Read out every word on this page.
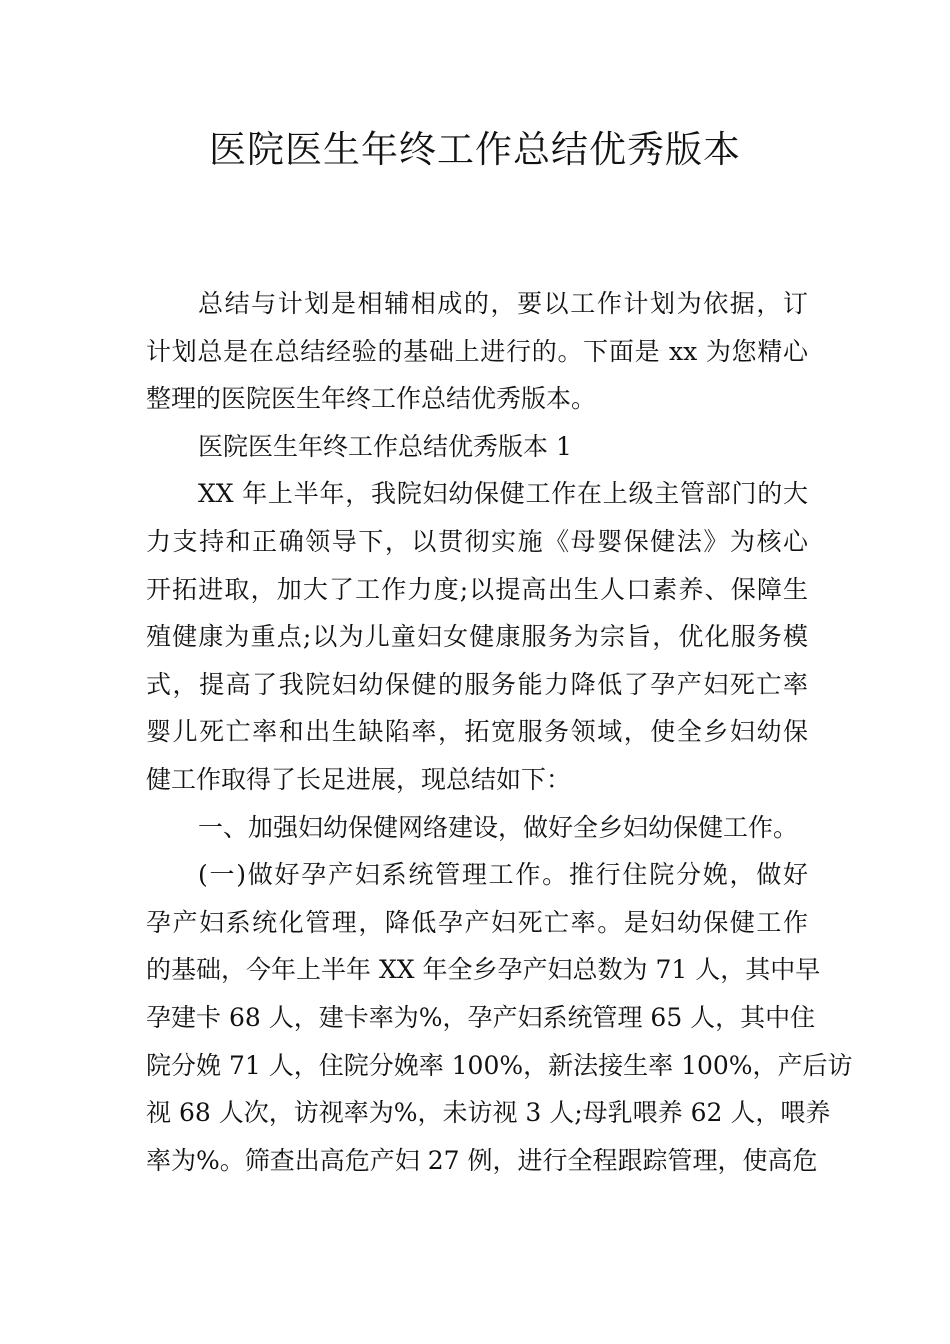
医院医生年终工作总结优秀版本
总结与计划是相辅相成的，要以工作计划为依据，订
计划总是在总结经验的基础上进行的。下面是 xx 为您精心
整理的医院医生年终工作总结优秀版本。
医院医生年终工作总结优秀版本 1
XX 年上半年，我院妇幼保健工作在上级主管部门的大
力支持和正确领导下，以贯彻实施《母婴保健法》为核心
开拓进取，加大了工作力度;以提高出生人口素养、保障生
殖健康为重点;以为儿童妇女健康服务为宗旨，优化服务模
式，提高了我院妇幼保健的服务能力降低了孕产妇死亡率
婴儿死亡率和出生缺陷率，拓宽服务领域，使全乡妇幼保
健工作取得了长足进展，现总结如下：
一、加强妇幼保健网络建设，做好全乡妇幼保健工作。
(一)做好孕产妇系统管理工作。推行住院分娩，做好
孕产妇系统化管理，降低孕产妇死亡率。是妇幼保健工作
的基础，今年上半年 XX 年全乡孕产妇总数为 71 人，其中早
孕建卡 68 人，建卡率为%，孕产妇系统管理 65 人，其中住
院分娩 71 人，住院分娩率 100%，新法接生率 100%，产后访
视 68 人次，访视率为%，未访视 3 人;母乳喂养 62 人，喂养
率为%。筛查出高危产妇 27 例，进行全程跟踪管理，使高危
